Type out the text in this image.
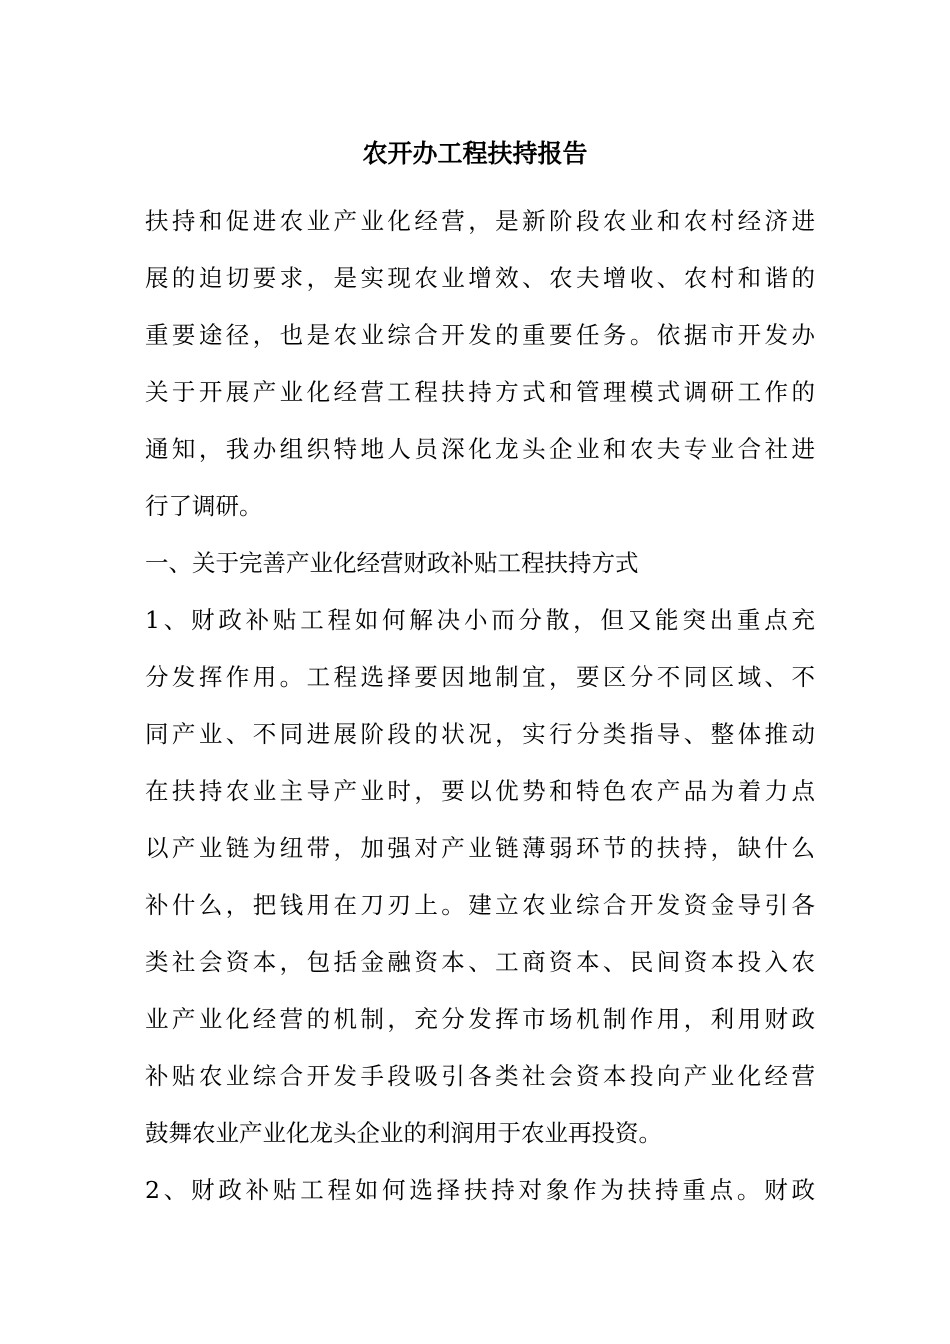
农开办工程扶持报告

扶持和促进农业产业化经营，是新阶段农业和农村经济进

展的迫切要求，是实现农业增效、农夫增收、农村和谐的

重要途径，也是农业综合开发的重要任务。依据市开发办

关于开展产业化经营工程扶持方式和管理模式调研工作的

通知，我办组织特地人员深化龙头企业和农夫专业合社进

行了调研。

一、关于完善产业化经营财政补贴工程扶持方式

1、财政补贴工程如何解决小而分散，但又能突出重点充

分发挥作用。工程选择要因地制宜，要区分不同区域、不

同产业、不同进展阶段的状况，实行分类指导、整体推动

在扶持农业主导产业时，要以优势和特色农产品为着力点

以产业链为纽带，加强对产业链薄弱环节的扶持，缺什么

补什么，把钱用在刀刃上。建立农业综合开发资金导引各

类社会资本，包括金融资本、工商资本、民间资本投入农

业产业化经营的机制，充分发挥市场机制作用，利用财政

补贴农业综合开发手段吸引各类社会资本投向产业化经营

鼓舞农业产业化龙头企业的利润用于农业再投资。

2、财政补贴工程如何选择扶持对象作为扶持重点。财政
